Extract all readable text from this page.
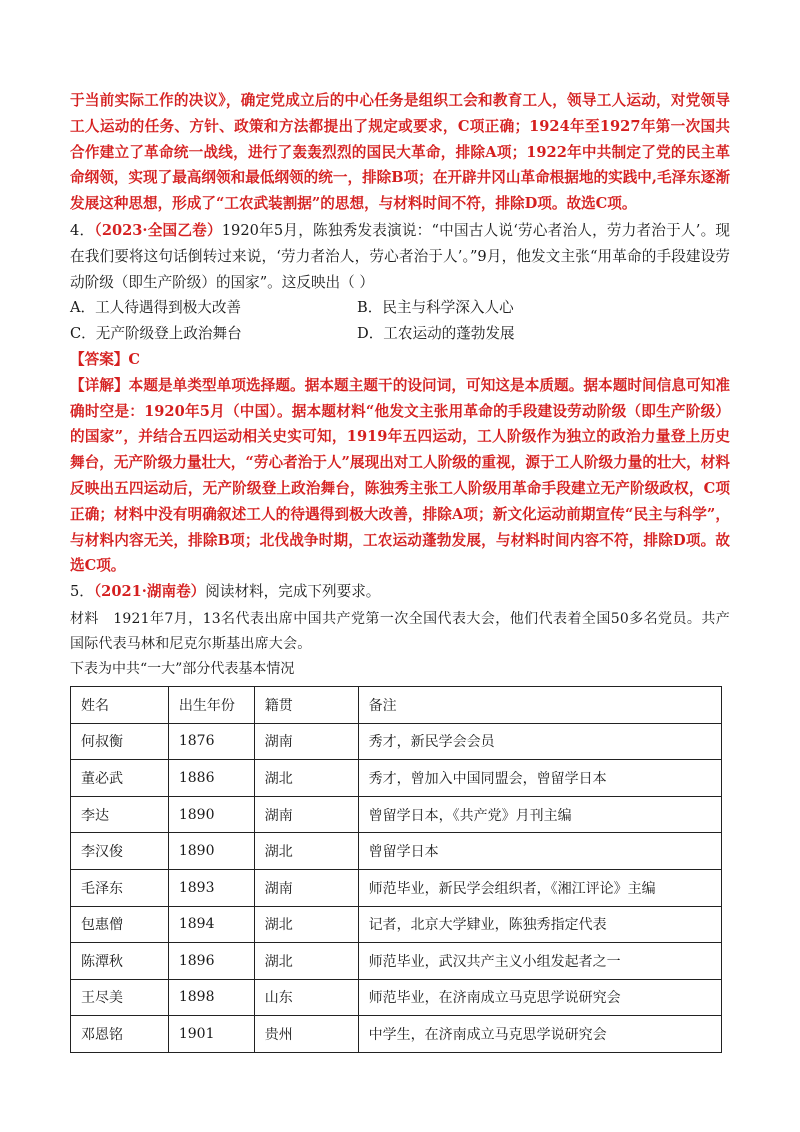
于当前实际工作的决议》，确定党成立后的中心任务是组织工会和教育工人，领导工人运动，对党领导工人运动的任务、方针、政策和方法都提出了规定或要求，C项正确；1924年至1927年第一次国共合作建立了革命统一战线，进行了轰轰烈烈的国民大革命，排除A项；1922年中共制定了党的民主革命纲领，实现了最高纲领和最低纲领的统一，排除B项；在开辟井冈山革命根据地的实践中,毛泽东逐渐发展这种思想，形成了“工农武装割据”的思想，与材料时间不符，排除D项。故选C项。

4．（2023·全国乙卷）1920年5月，陈独秀发表演说：“中国古人说‘劳心者治人，劳力者治于人’。现在我们要将这句话倒转过来说，‘劳力者治人，劳心者治于人’。”9月，他发文主张“用革命的手段建设劳动阶级（即生产阶级）的国家”。这反映出（ ）

A．工人待遇得到极大改善	B．民主与科学深入人心
C．无产阶级登上政治舞台	D．工农运动的蓬勃发展

【答案】C

【详解】本题是单类型单项选择题。据本题主题干的设问词，可知这是本质题。据本题时间信息可知准确时空是：1920年5月（中国）。据本题材料“他发文主张用革命的手段建设劳动阶级（即生产阶级）的国家”，并结合五四运动相关史实可知，1919年五四运动，工人阶级作为独立的政治力量登上历史舞台，无产阶级力量壮大，“劳心者治于人”展现出对工人阶级的重视，源于工人阶级力量的壮大，材料反映出五四运动后，无产阶级登上政治舞台，陈独秀主张工人阶级用革命手段建立无产阶级政权，C项正确；材料中没有明确叙述工人的待遇得到极大改善，排除A项；新文化运动前期宣传“民主与科学”，与材料内容无关，排除B项；北伐战争时期，工农运动蓬勃发展，与材料时间内容不符，排除D项。故选C项。

5．（2021·湖南卷）阅读材料，完成下列要求。

材料　1921年7月，13名代表出席中国共产党第一次全国代表大会，他们代表着全国50多名党员。共产国际代表马林和尼克尔斯基出席大会。

下表为中共“一大”部分代表基本情况

姓名	出生年份	籍贯	备注
何叔衡	1876	湖南	秀才，新民学会会员
董必武	1886	湖北	秀才，曾加入中国同盟会，曾留学日本
李达	1890	湖南	曾留学日本，《共产党》月刊主编
李汉俊	1890	湖北	曾留学日本
毛泽东	1893	湖南	师范毕业，新民学会组织者，《湘江评论》主编
包惠僧	1894	湖北	记者，北京大学肄业，陈独秀指定代表
陈潭秋	1896	湖北	师范毕业，武汉共产主义小组发起者之一
王尽美	1898	山东	师范毕业，在济南成立马克思学说研究会
邓恩铭	1901	贵州	中学生，在济南成立马克思学说研究会
